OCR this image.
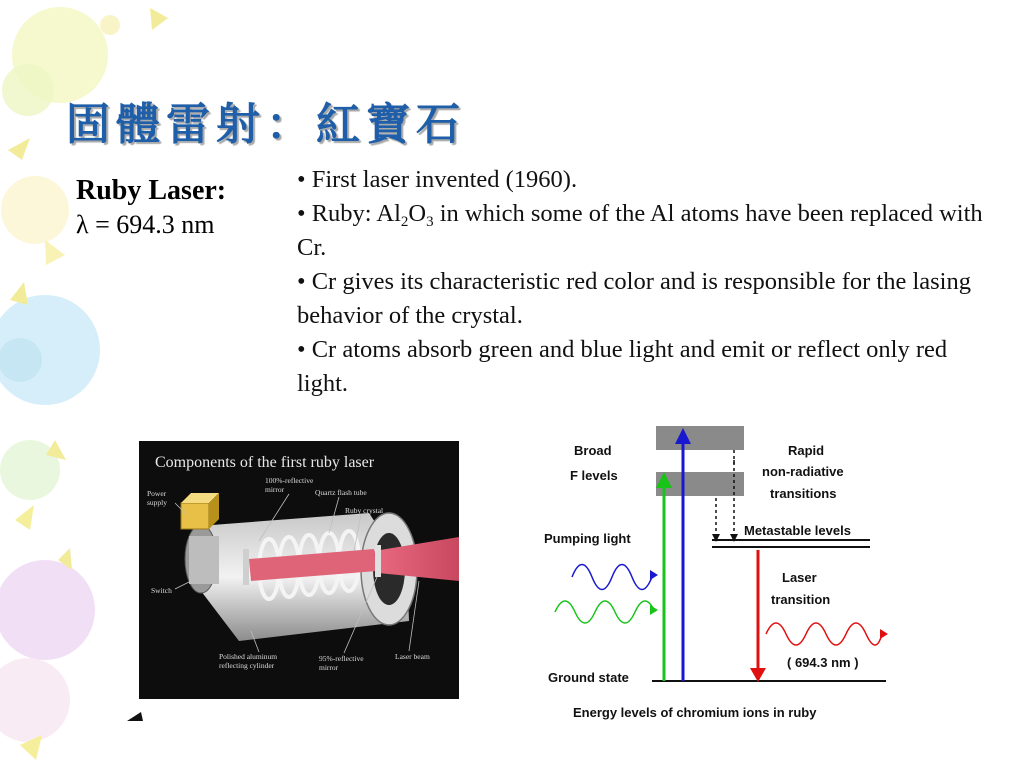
固體雷射：紅寶石
Ruby Laser:
λ = 694.3 nm
• First laser invented (1960).
• Ruby: $Al_2O_3$ in which some of the Al atoms have been replaced with Cr.
• Cr gives its characteristic red color and is responsible for the lasing behavior of the crystal.
• Cr atoms absorb green and blue light and emit or reflect only red light.
Components of the first ruby laser
Power
supply
100%-reflective
mirror	Quartz flash tube
Ruby crystal
Switch
Polished aluminum
reflecting cylinder
95%-reflective
mirror
Laser beam
Broad
F levels
Rapid
non-radiative
transitions
Metastable levels
Pumping light
Laser
transition
( 694.3 nm )
Ground state
Energy levels of chromium ions in ruby
